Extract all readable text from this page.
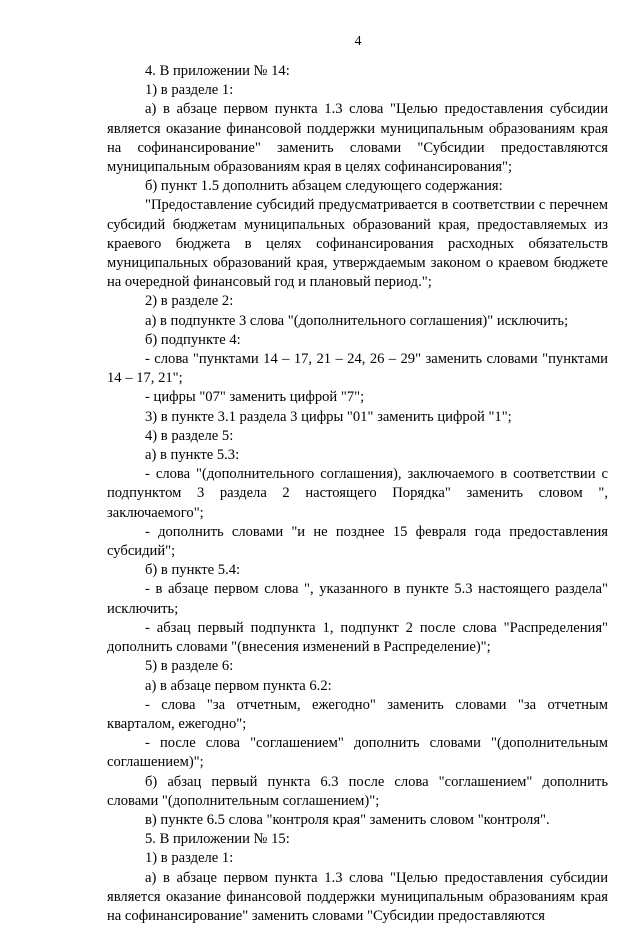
4

4. В приложении № 14:

1) в разделе 1:

а) в абзаце первом пункта 1.3 слова "Целью предоставления субсидии является оказание финансовой поддержки муниципальным образованиям края на софинансирование" заменить словами "Субсидии предоставляются муниципальным образованиям края в целях софинансирования";

б) пункт 1.5 дополнить абзацем следующего содержания:

"Предоставление субсидий предусматривается в соответствии с перечнем субсидий бюджетам муниципальных образований края, предоставляемых из краевого бюджета в целях софинансирования расходных обязательств муниципальных образований края, утверждаемым законом о краевом бюджете на очередной финансовый год и плановый период.";

2) в разделе 2:

а) в подпункте 3 слова "(дополнительного соглашения)" исключить;

б) подпункте 4:

- слова "пунктами 14 – 17, 21 – 24, 26 – 29" заменить словами "пунктами 14 – 17, 21";

- цифры "07" заменить цифрой "7";

3) в пункте 3.1 раздела 3 цифры "01" заменить цифрой "1";

4) в разделе 5:

а) в пункте 5.3:

- слова "(дополнительного соглашения), заключаемого в соответствии с подпунктом 3 раздела 2 настоящего Порядка" заменить словом ", заключаемого";

- дополнить словами "и не позднее 15 февраля года предоставления субсидий";

б) в пункте 5.4:

- в абзаце первом слова ", указанного в пункте 5.3 настоящего раздела" исключить;

- абзац первый подпункта 1, подпункт 2 после слова "Распределения" дополнить словами "(внесения изменений в Распределение)";

5) в разделе 6:

а) в абзаце первом пункта 6.2:

- слова "за отчетным, ежегодно" заменить словами "за отчетным кварталом, ежегодно";

- после слова "соглашением" дополнить словами "(дополнительным соглашением)";

б) абзац первый пункта 6.3 после слова "соглашением" дополнить словами "(дополнительным соглашением)";

в) пункте 6.5 слова "контроля края" заменить словом "контроля".

5. В приложении № 15:

1) в разделе 1:

а) в абзаце первом пункта 1.3 слова "Целью предоставления субсидии является оказание финансовой поддержки муниципальным образованиям края на софинансирование" заменить словами "Субсидии предоставляются
